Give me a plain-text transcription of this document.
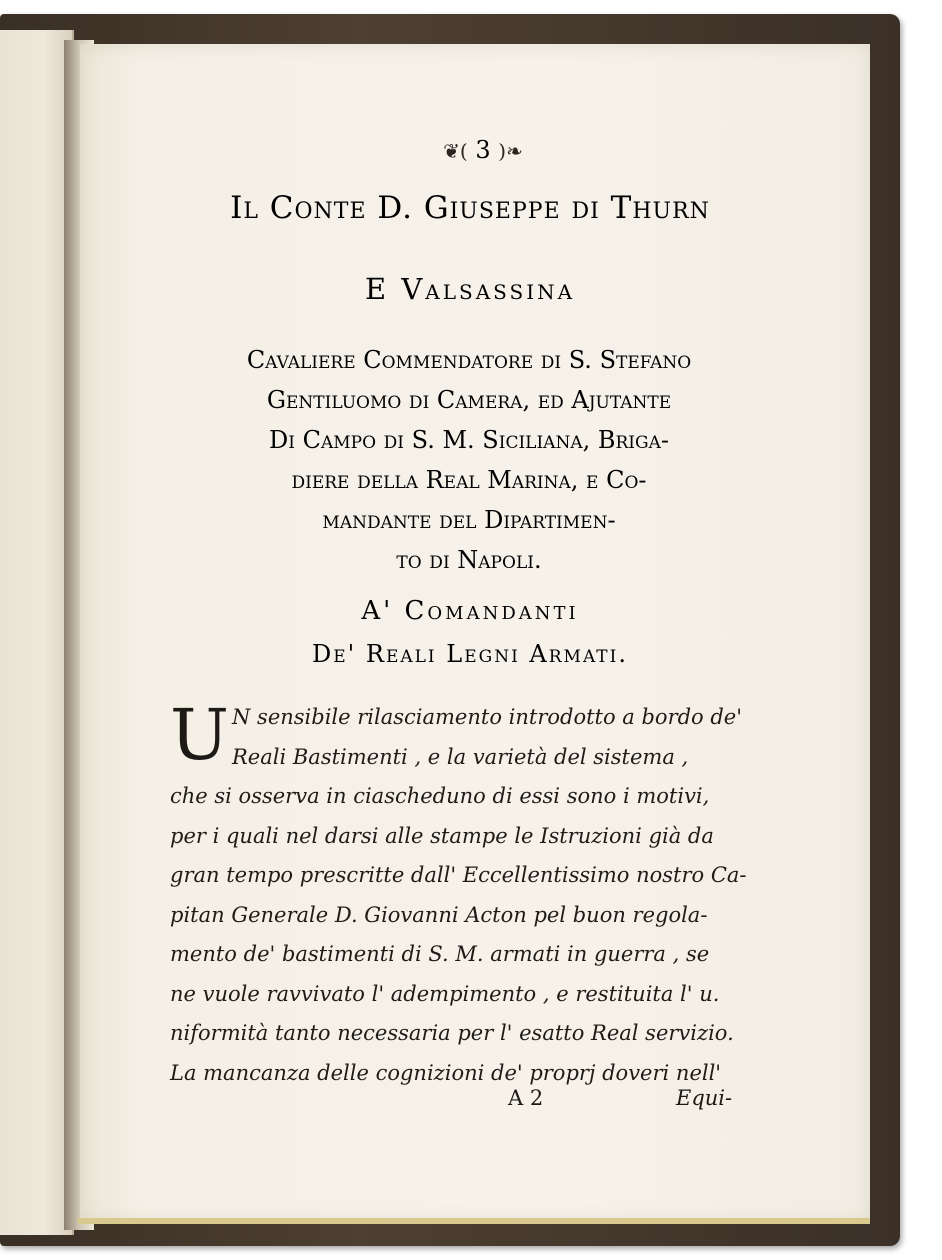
❦( 3 )❧
Il Conte D. Giuseppe di Thurn
E Valsassina
Cavaliere Commendatore di S. Stefano
Gentiluomo di Camera, ed Ajutante
Di Campo di S. M. Siciliana, Briga-
diere della Real Marina, e Co-
mandante del Dipartimen-
to di Napoli.
A' Comandanti
De' Reali Legni Armati.
U N sensibile rilasciamento introdotto a bordo de'
Reali Bastimenti , e la varietà del sistema ,
che si osserva in ciascheduno di essi sono i motivi,
per i quali nel darsi alle stampe le Istruzioni già da
gran tempo prescritte dall' Eccellentissimo nostro Ca-
pitan Generale D. Giovanni Acton pel buon regola-
mento de' bastimenti di S. M. armati in guerra , se
ne vuole ravvivato l' adempimento , e restituita l' u.
niformità tanto necessaria per l' esatto Real servizio.
La mancanza delle cognizioni de' proprj doveri nell'
A 2	Equi-
